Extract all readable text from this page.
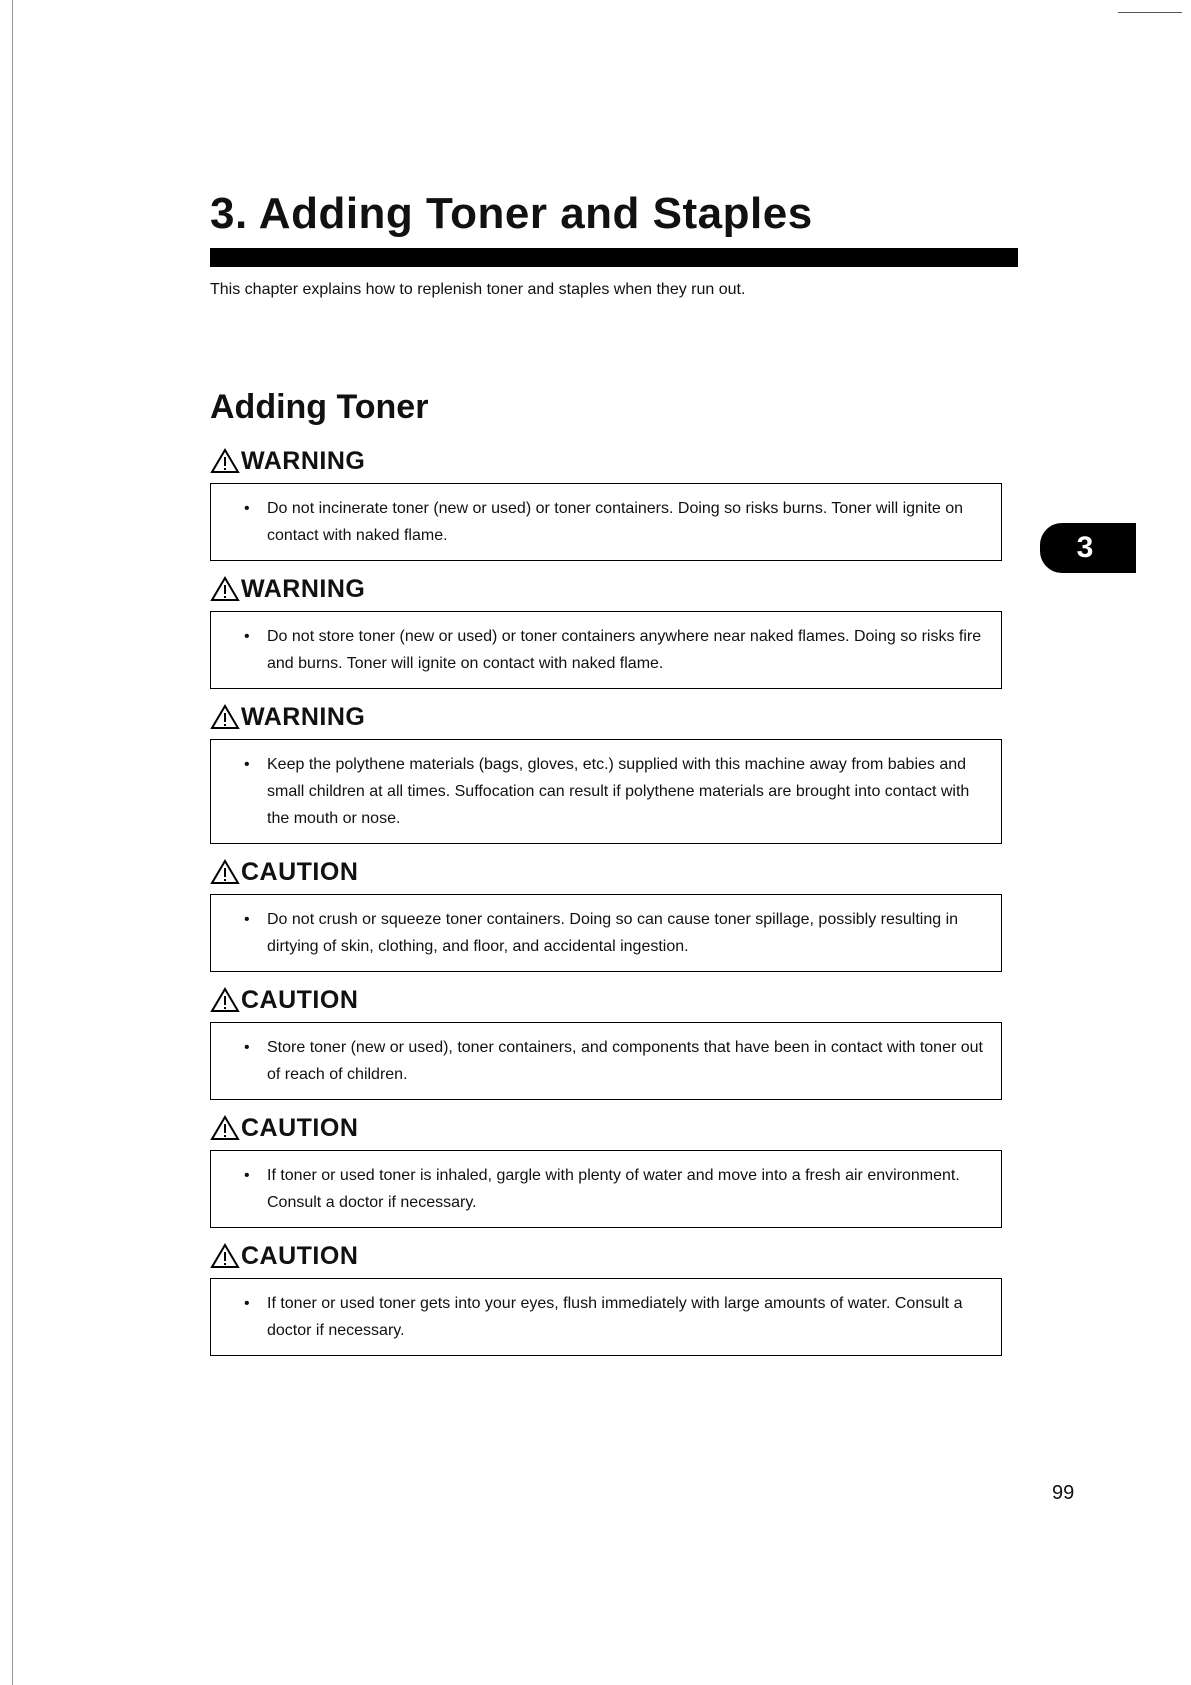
3. Adding Toner and Staples

This chapter explains how to replenish toner and staples when they run out.

Adding Toner
WARNING
• Do not incinerate toner (new or used) or toner containers. Doing so risks burns. Toner will ignite on contact with naked flame.
WARNING
• Do not store toner (new or used) or toner containers anywhere near naked flames. Doing so risks fire and burns. Toner will ignite on contact with naked flame.
WARNING
• Keep the polythene materials (bags, gloves, etc.) supplied with this machine away from babies and small children at all times. Suffocation can result if polythene materials are brought into contact with the mouth or nose.
CAUTION
• Do not crush or squeeze toner containers. Doing so can cause toner spillage, possibly resulting in dirtying of skin, clothing, and floor, and accidental ingestion.
CAUTION
• Store toner (new or used), toner containers, and components that have been in contact with toner out of reach of children.
CAUTION
• If toner or used toner is inhaled, gargle with plenty of water and move into a fresh air environment. Consult a doctor if necessary.
CAUTION
• If toner or used toner gets into your eyes, flush immediately with large amounts of water. Consult a doctor if necessary.
3
99
